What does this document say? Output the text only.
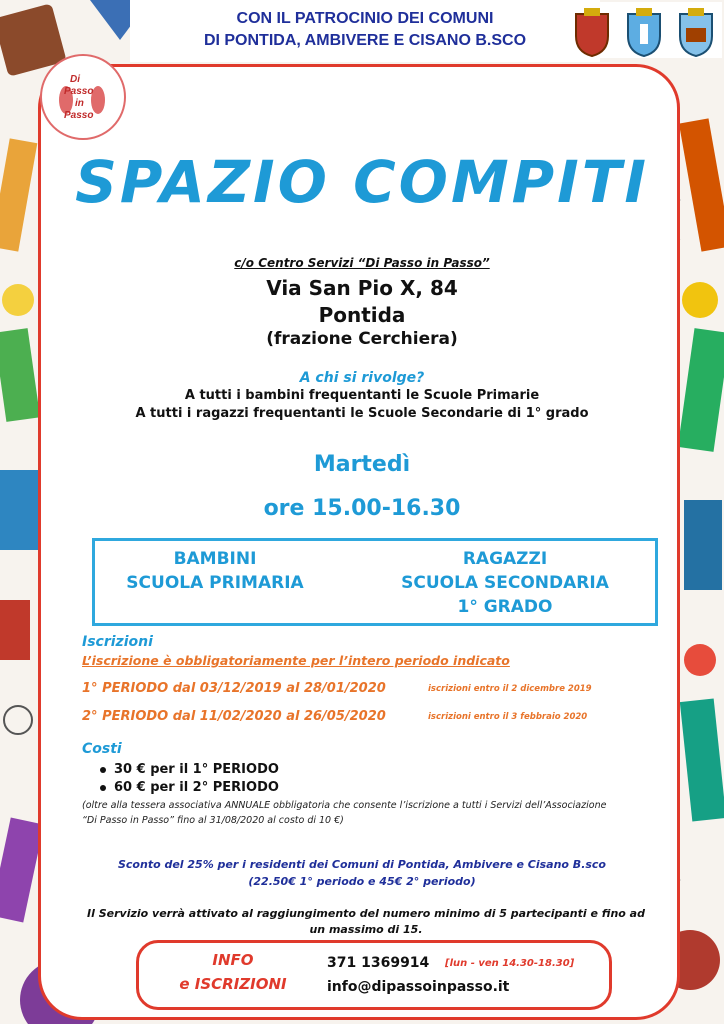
CON IL PATROCINIO DEI COMUNI
DI PONTIDA, AMBIVERE E CISANO B.SCO
Di
Passo
in
Passo
SPAZIO COMPITI
c/o Centro Servizi “Di Passo in Passo”
Via San Pio X, 84
Pontida
(frazione Cerchiera)
A chi si rivolge?
A tutti i bambini frequentanti le Scuole Primarie
A tutti i ragazzi frequentanti le Scuole Secondarie di 1° grado
Martedì
ore 15.00-16.30
BAMBINI
SCUOLA PRIMARIA
RAGAZZI
SCUOLA SECONDARIA
1° GRADO
Iscrizioni
L’iscrizione è obbligatoriamente per l’intero periodo indicato
1° PERIODO dal 03/12/2019 al 28/01/2020	iscrizioni entro il 2 dicembre 2019
2° PERIODO dal 11/02/2020 al 26/05/2020	iscrizioni entro il 3 febbraio 2020
Costi
30 € per il 1° PERIODO
60 € per il 2° PERIODO
(oltre alla tessera associativa ANNUALE obbligatoria che consente l’iscrizione a tutti i Servizi dell’Associazione
“Di Passo in Passo” fino al 31/08/2020 al costo di 10 €)
Sconto del 25% per i residenti dei Comuni di Pontida, Ambivere e Cisano B.sco
(22.50€ 1° periodo e 45€ 2° periodo)
Il Servizio verrà attivato al raggiungimento del numero minimo di 5 partecipanti e fino ad
un massimo di 15.
INFO
e ISCRIZIONI
371 1369914 [lun - ven 14.30-18.30]
info@dipassoinpasso.it
